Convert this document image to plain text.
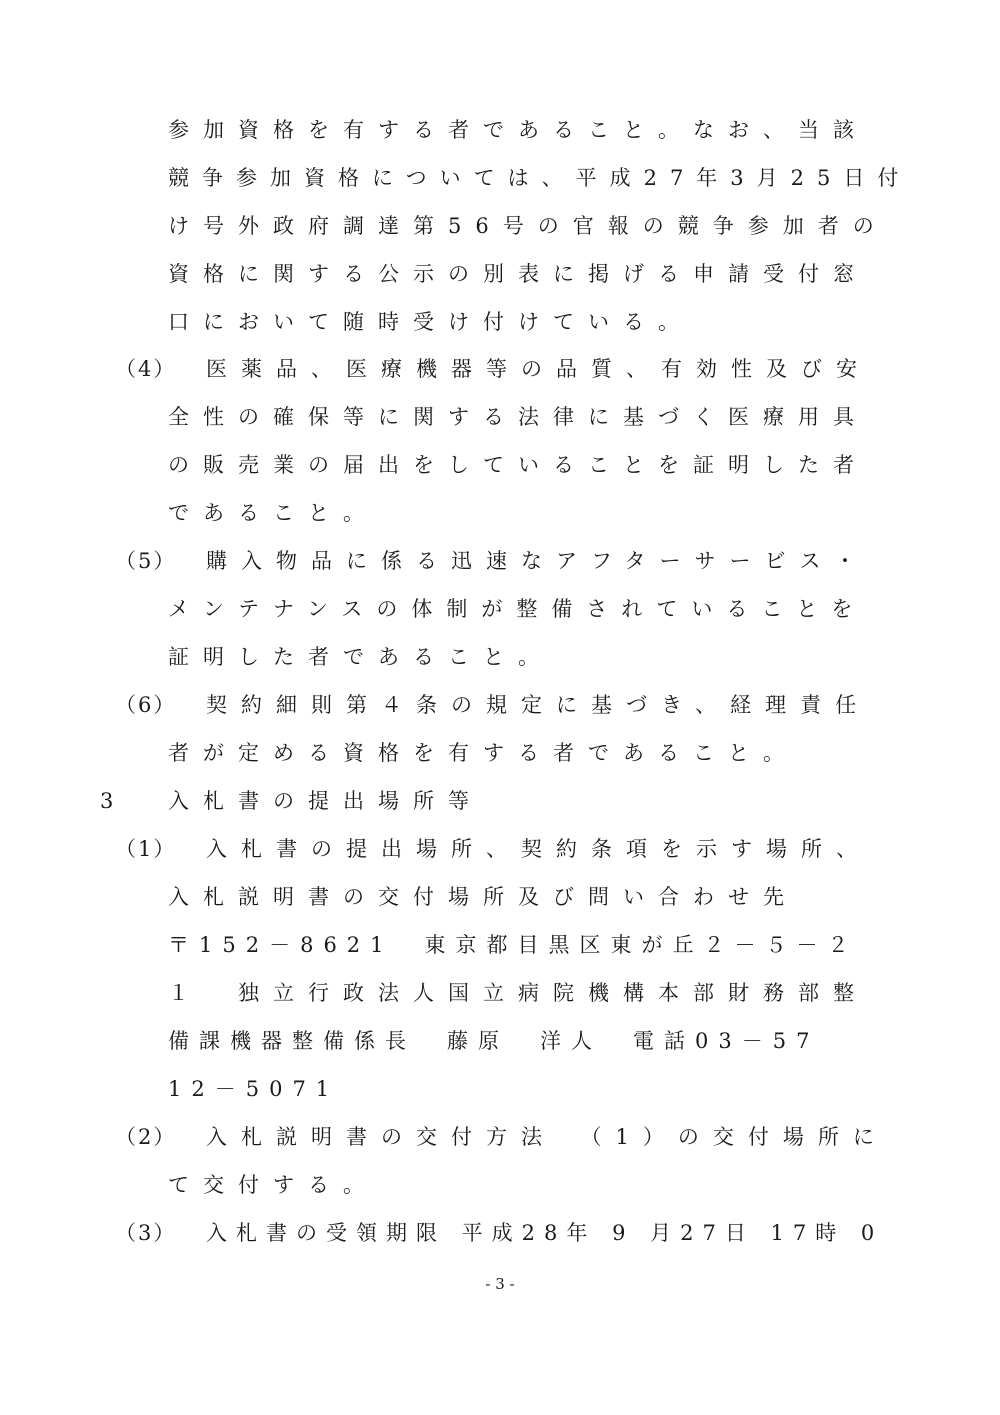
参加資格を有する者であること。なお、当該
競争参加資格については、平成27年3月25日付
け号外政府調達第56号の官報の競争参加者の
資格に関する公示の別表に掲げる申請受付窓
口において随時受け付けている。
（4） 医薬品、医療機器等の品質、有効性及び安
全性の確保等に関する法律に基づく医療用具
の販売業の届出をしていることを証明した者
であること。
（5） 購入物品に係る迅速なアフターサービス・
メンテナンスの体制が整備されていることを
証明した者であること。
（6） 契約細則第４条の規定に基づき、経理責任
者が定める資格を有する者であること。
3	入札書の提出場所等
（1） 入札書の提出場所、契約条項を示す場所、
入札説明書の交付場所及び問い合わせ先
〒152－8621　東京都目黒区東が丘２－５－２
１　独立行政法人国立病院機構本部財務部整
備課機器整備係長　藤原　洋人　電話03－57
12－5071
（2） 入札説明書の交付方法　（1）の交付場所に
て交付する。
（3） 入札書の受領期限 平成28年 9 月27日 17時 0
- 3 -
